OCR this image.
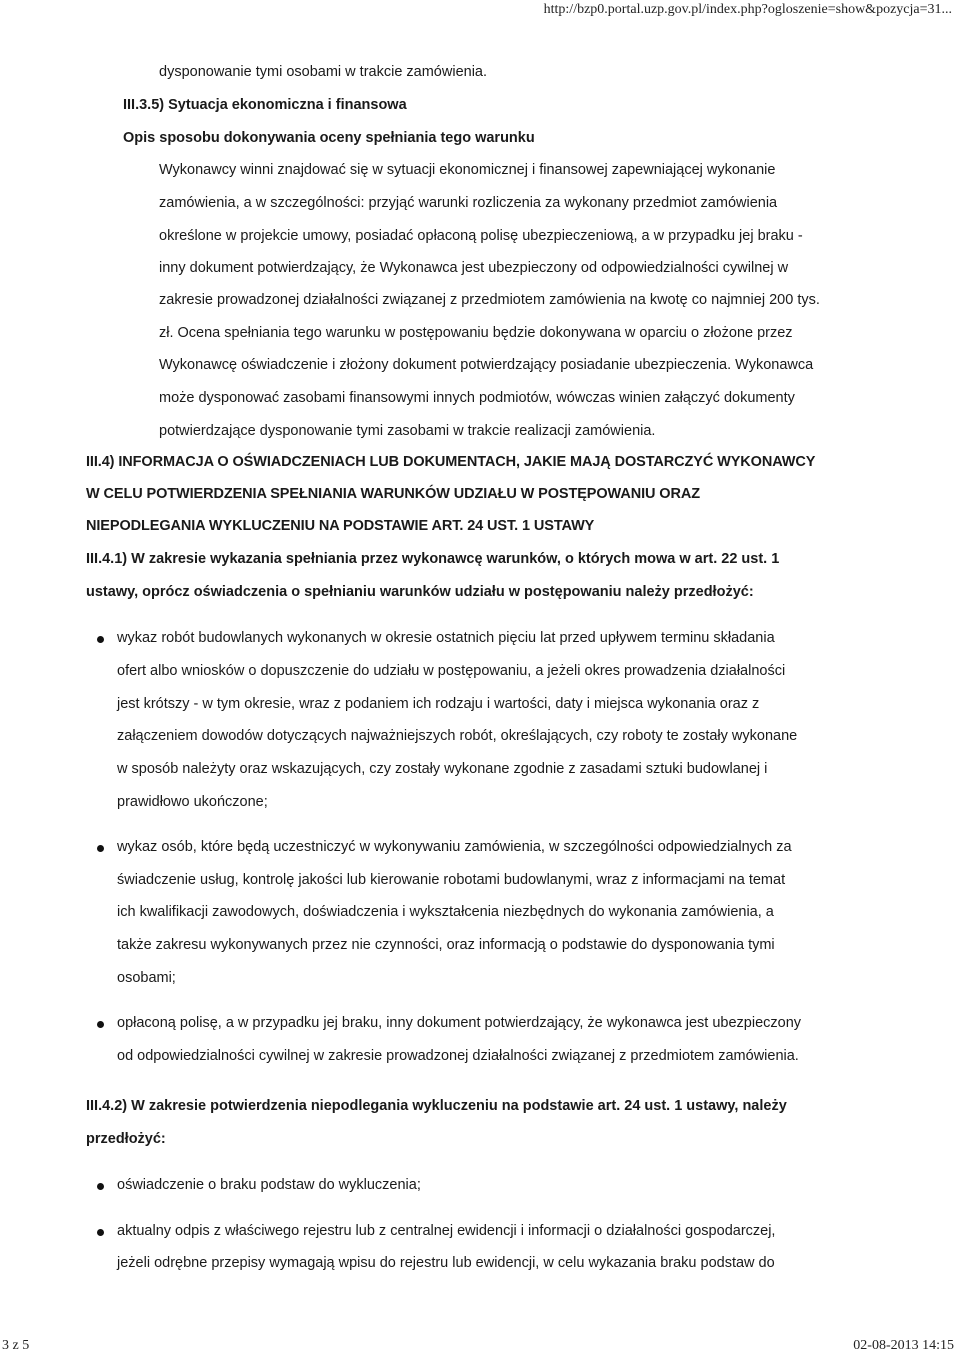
http://bzp0.portal.uzp.gov.pl/index.php?ogloszenie=show&pozycja=31...
dysponowanie tymi osobami w trakcie zamówienia.
III.3.5) Sytuacja ekonomiczna i finansowa
Opis sposobu dokonywania oceny spełniania tego warunku
Wykonawcy winni znajdować się w sytuacji ekonomicznej i finansowej zapewniającej wykonanie
zamówienia, a w szczególności: przyjąć warunki rozliczenia za wykonany przedmiot zamówienia
określone w projekcie umowy, posiadać opłaconą polisę ubezpieczeniową, a w przypadku jej braku -
inny dokument potwierdzający, że Wykonawca jest ubezpieczony od odpowiedzialności cywilnej w
zakresie prowadzonej działalności związanej z przedmiotem zamówienia na kwotę co najmniej 200 tys.
zł. Ocena spełniania tego warunku w postępowaniu będzie dokonywana w oparciu o złożone przez
Wykonawcę oświadczenie i złożony dokument potwierdzający posiadanie ubezpieczenia. Wykonawca
może dysponować zasobami finansowymi innych podmiotów, wówczas winien załączyć dokumenty
potwierdzające dysponowanie tymi zasobami w trakcie realizacji zamówienia.
III.4) INFORMACJA O OŚWIADCZENIACH LUB DOKUMENTACH, JAKIE MAJĄ DOSTARCZYĆ WYKONAWCY
W CELU POTWIERDZENIA SPEŁNIANIA WARUNKÓW UDZIAŁU W POSTĘPOWANIU ORAZ
NIEPODLEGANIA WYKLUCZENIU NA PODSTAWIE ART. 24 UST. 1 USTAWY
III.4.1) W zakresie wykazania spełniania przez wykonawcę warunków, o których mowa w art. 22 ust. 1
ustawy, oprócz oświadczenia o spełnianiu warunków udziału w postępowaniu należy przedłożyć:
wykaz robót budowlanych wykonanych w okresie ostatnich pięciu lat przed upływem terminu składania
ofert albo wniosków o dopuszczenie do udziału w postępowaniu, a jeżeli okres prowadzenia działalności
jest krótszy - w tym okresie, wraz z podaniem ich rodzaju i wartości, daty i miejsca wykonania oraz z
załączeniem dowodów dotyczących najważniejszych robót, określających, czy roboty te zostały wykonane
w sposób należyty oraz wskazujących, czy zostały wykonane zgodnie z zasadami sztuki budowlanej i
prawidłowo ukończone;
wykaz osób, które będą uczestniczyć w wykonywaniu zamówienia, w szczególności odpowiedzialnych za
świadczenie usług, kontrolę jakości lub kierowanie robotami budowlanymi, wraz z informacjami na temat
ich kwalifikacji zawodowych, doświadczenia i wykształcenia niezbędnych do wykonania zamówienia, a
także zakresu wykonywanych przez nie czynności, oraz informacją o podstawie do dysponowania tymi
osobami;
opłaconą polisę, a w przypadku jej braku, inny dokument potwierdzający, że wykonawca jest ubezpieczony
od odpowiedzialności cywilnej w zakresie prowadzonej działalności związanej z przedmiotem zamówienia.
III.4.2) W zakresie potwierdzenia niepodlegania wykluczeniu na podstawie art. 24 ust. 1 ustawy, należy
przedłożyć:
oświadczenie o braku podstaw do wykluczenia;
aktualny odpis z właściwego rejestru lub z centralnej ewidencji i informacji o działalności gospodarczej,
jeżeli odrębne przepisy wymagają wpisu do rejestru lub ewidencji, w celu wykazania braku podstaw do
3 z 5	02-08-2013 14:15
